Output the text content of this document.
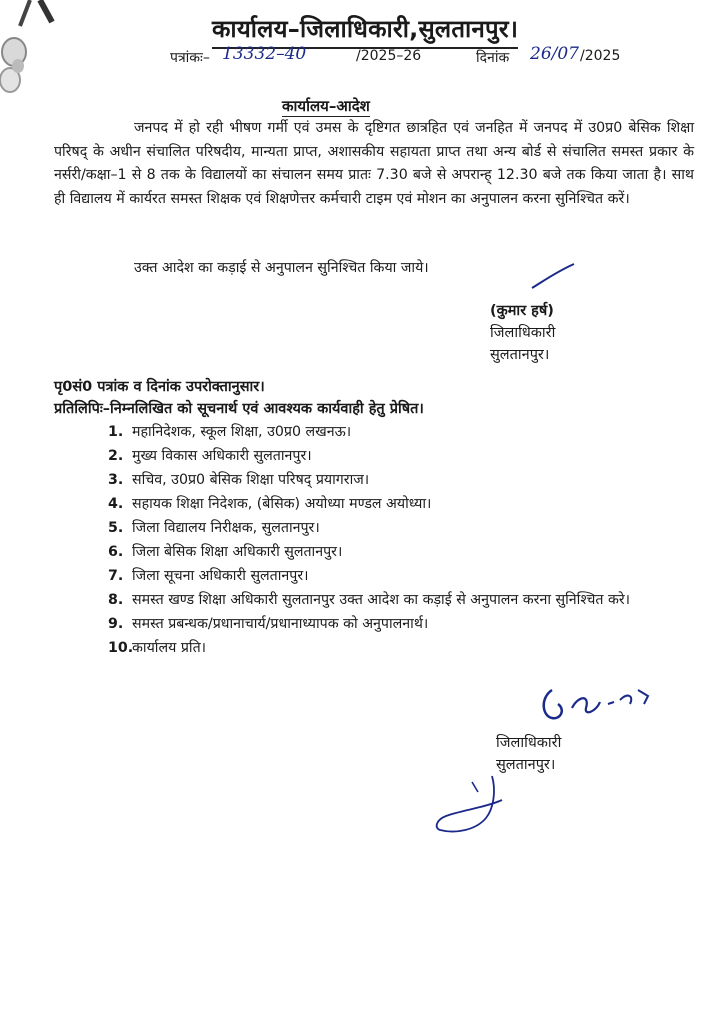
कार्यालय–जिलाधिकारी,सुलतानपुर।
पत्रांकः– 13332–40	/2025–26	दिनांक 26/07 /2025
कार्यालय–आदेश
जनपद में हो रही भीषण गर्मी एवं उमस के दृष्टिगत छात्रहित एवं जनहित में जनपद में उ0प्र0 बेसिक शिक्षा परिषद् के अधीन संचालित परिषदीय, मान्यता प्राप्त, अशासकीय सहायता प्राप्त तथा अन्य बोर्ड से संचालित समस्त प्रकार के नर्सरी/कक्षा–1 से 8 तक के विद्यालयों का संचालन समय प्रातः 7.30 बजे से अपरान्ह् 12.30 बजे तक किया जाता है। साथ ही विद्यालय में कार्यरत समस्त शिक्षक एवं शिक्षणेत्तर कर्मचारी टाइम एवं मोशन का अनुपालन करना सुनिश्चित करें।
उक्त आदेश का कड़ाई से अनुपालन सुनिश्चित किया जाये।
(कुमार हर्ष)
जिलाधिकारी
सुलतानपुर।
पृ0सं0 पत्रांक व दिनांक उपरोक्तानुसार।
प्रतिलिपिः–निम्नलिखित को सूचनार्थ एवं आवश्यक कार्यवाही हेतु प्रेषित।
1. महानिदेशक, स्कूल शिक्षा, उ0प्र0 लखनऊ।
2. मुख्य विकास अधिकारी सुलतानपुर।
3. सचिव, उ0प्र0 बेसिक शिक्षा परिषद् प्रयागराज।
4. सहायक शिक्षा निदेशक, (बेसिक) अयोध्या मण्डल अयोध्या।
5. जिला विद्यालय निरीक्षक, सुलतानपुर।
6. जिला बेसिक शिक्षा अधिकारी सुलतानपुर।
7. जिला सूचना अधिकारी सुलतानपुर।
8. समस्त खण्ड शिक्षा अधिकारी सुलतानपुर उक्त आदेश का कड़ाई से अनुपालन करना सुनिश्चित करे।
9. समस्त प्रबन्धक/प्रधानाचार्य/प्रधानाध्यापक को अनुपालनार्थ।
10.
कार्यालय प्रति।
जिलाधिकारी
सुलतानपुर।
